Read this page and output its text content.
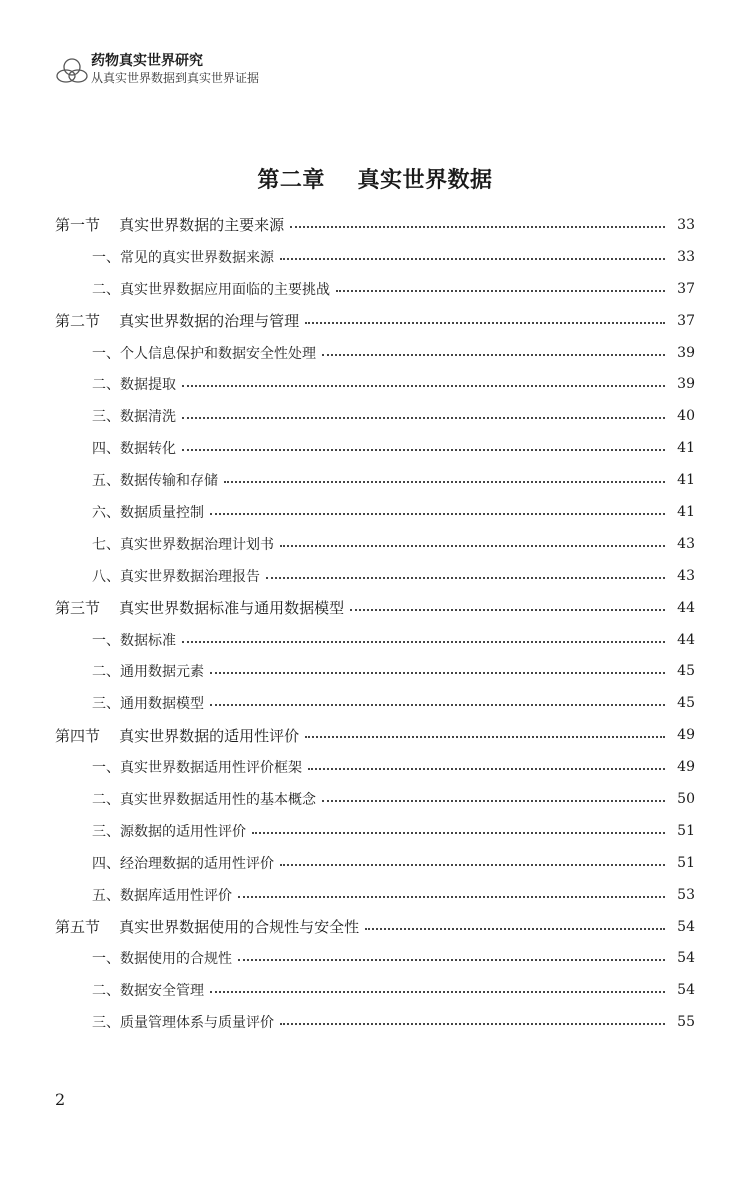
药物真实世界研究
从真实世界数据到真实世界证据
第二章    真实世界数据
第一节    真实世界数据的主要来源	33
一、常见的真实世界数据来源	33
二、真实世界数据应用面临的主要挑战	37
第二节    真实世界数据的治理与管理	37
一、个人信息保护和数据安全性处理	39
二、数据提取	39
三、数据清洗	40
四、数据转化	41
五、数据传输和存储	41
六、数据质量控制	41
七、真实世界数据治理计划书	43
八、真实世界数据治理报告	43
第三节    真实世界数据标准与通用数据模型	44
一、数据标准	44
二、通用数据元素	45
三、通用数据模型	45
第四节    真实世界数据的适用性评价	49
一、真实世界数据适用性评价框架	49
二、真实世界数据适用性的基本概念	50
三、源数据的适用性评价	51
四、经治理数据的适用性评价	51
五、数据库适用性评价	53
第五节    真实世界数据使用的合规性与安全性	54
一、数据使用的合规性	54
二、数据安全管理	54
三、质量管理体系与质量评价	55
2
